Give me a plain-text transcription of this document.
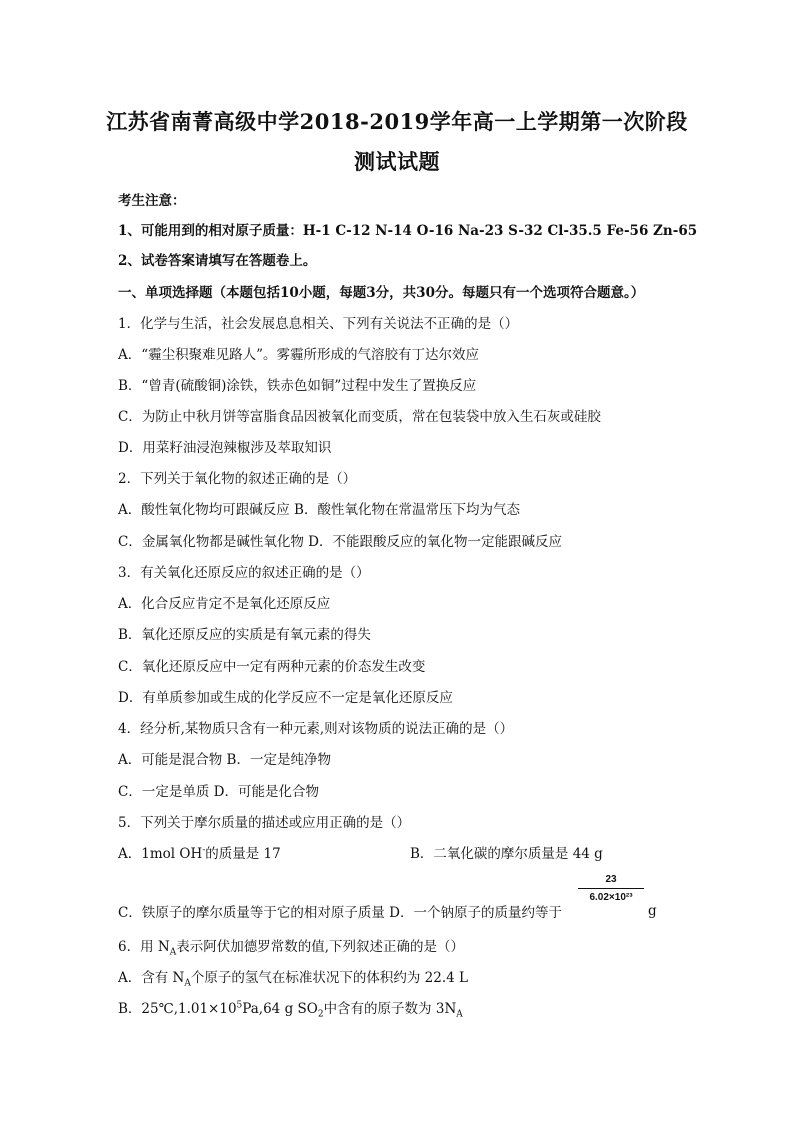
江苏省南菁高级中学2018-2019学年高一上学期第一次阶段
测试试题
考生注意：
1、可能用到的相对原子质量：H-1 C-12 N-14 O-16 Na-23 S-32 Cl-35.5 Fe-56 Zn-65
2、试卷答案请填写在答题卷上。
一、单项选择题（本题包括10小题，每题3分，共30分。每题只有一个选项符合题意。）
1．化学与生活，社会发展息息相关、下列有关说法不正确的是（）
A．“霾尘积聚难见路人”。雾霾所形成的气溶胶有丁达尔效应
B．“曾青(硫酸铜)涂铁，铁赤色如铜”过程中发生了置换反应
C．为防止中秋月饼等富脂食品因被氧化而变质，常在包装袋中放入生石灰或硅胶
D．用菜籽油浸泡辣椒涉及萃取知识
2．下列关于氧化物的叙述正确的是（）
A．酸性氧化物均可跟碱反应 B．酸性氧化物在常温常压下均为气态
C．金属氧化物都是碱性氧化物 D．不能跟酸反应的氧化物一定能跟碱反应
3．有关氧化还原反应的叙述正确的是（）
A．化合反应肯定不是氧化还原反应
B．氧化还原反应的实质是有氧元素的得失
C．氧化还原反应中一定有两种元素的价态发生改变
D．有单质参加或生成的化学反应不一定是氧化还原反应
4．经分析,某物质只含有一种元素,则对该物质的说法正确的是（）
A．可能是混合物 B．一定是纯净物
C．一定是单质 D．可能是化合物
5．下列关于摩尔质量的描述或应用正确的是（）
A．1mol OH-的质量是 17	B．二氧化碳的摩尔质量是 44 g
C．铁原子的摩尔质量等于它的相对原子质量 D．一个钠原子的质量约等于
$\frac{23}{\text{6.02×10²³}}$
g
6．用 $N_A$表示阿伏加德罗常数的值,下列叙述正确的是（）
A．含有 $N_A$个原子的氢气在标准状况下的体积约为 22.4 L
B．$25℃,1.01\times 10^5Pa,64$ g $SO_2$中含有的原子数为 $3N_A$
